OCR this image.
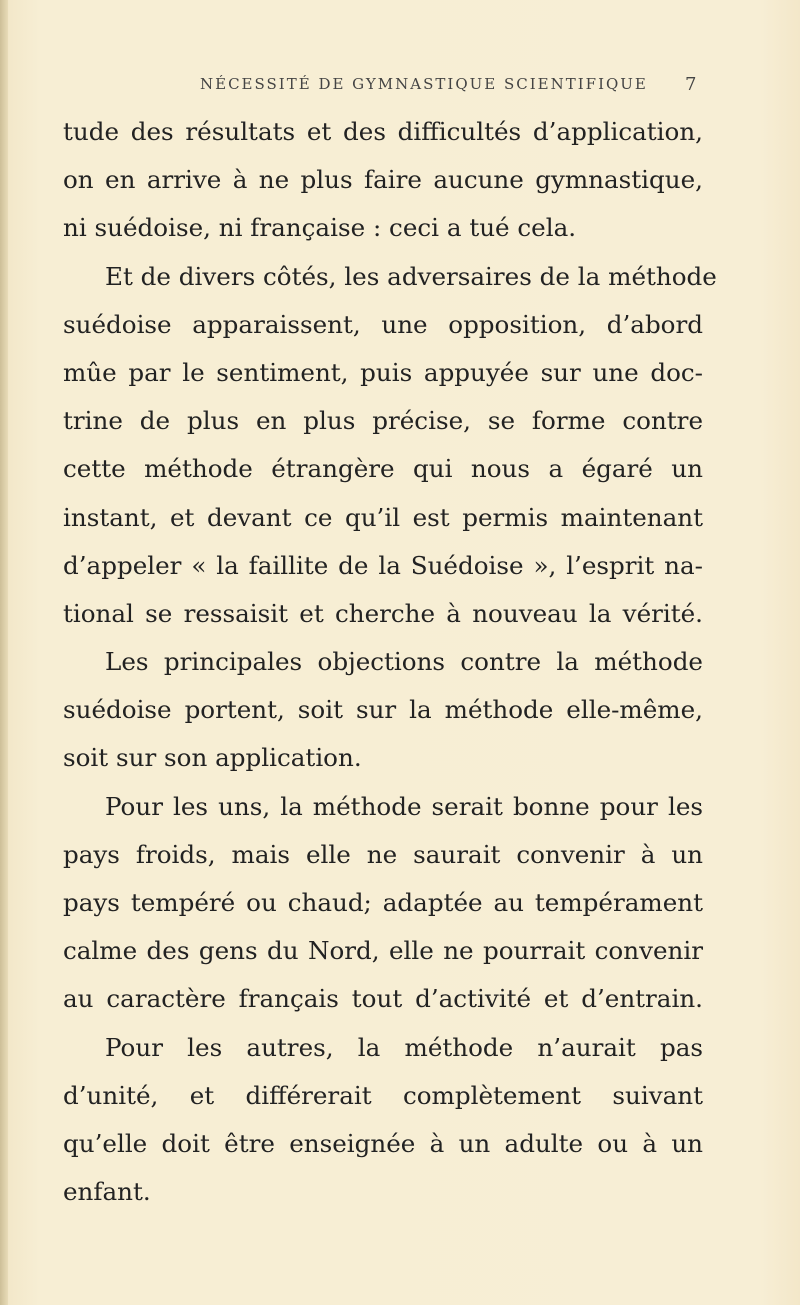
NÉCESSITÉ DE GYMNASTIQUE SCIENTIFIQUE 7
tude des résultats et des difficultés d’application,
on en arrive à ne plus faire aucune gymnastique,
ni suédoise, ni française : ceci a tué cela.
Et de divers côtés, les adversaires de la méthode
suédoise apparaissent, une opposition, d’abord
mûe par le sentiment, puis appuyée sur une doc-
trine de plus en plus précise, se forme contre
cette méthode étrangère qui nous a égaré un
instant, et devant ce qu’il est permis maintenant
d’appeler « la faillite de la Suédoise », l’esprit na-
tional se ressaisit et cherche à nouveau la vérité.
Les principales objections contre la méthode
suédoise portent, soit sur la méthode elle-même,
soit sur son application.
Pour les uns, la méthode serait bonne pour les
pays froids, mais elle ne saurait convenir à un
pays tempéré ou chaud; adaptée au tempérament
calme des gens du Nord, elle ne pourrait convenir
au caractère français tout d’activité et d’entrain.
Pour les autres, la méthode n’aurait pas
d’unité, et différerait complètement suivant
qu’elle doit être enseignée à un adulte ou à un
enfant.
